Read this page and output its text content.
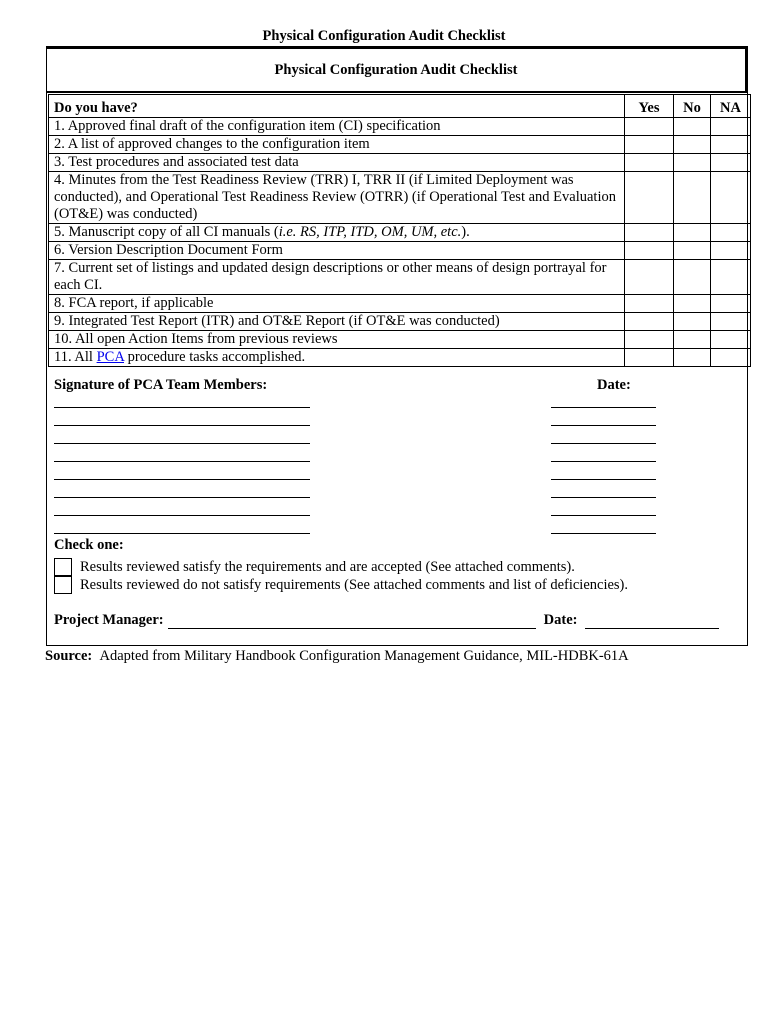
Physical Configuration Audit Checklist
Physical Configuration Audit Checklist
Do you have?	Yes	No	NA
1. Approved final draft of the configuration item (CI) specification			
2. A list of approved changes to the configuration item			
3. Test procedures and associated test data			
4. Minutes from the Test Readiness Review (TRR) I, TRR II (if Limited Deployment was conducted), and Operational Test Readiness Review (OTRR) (if Operational Test and Evaluation (OT&E) was conducted)			
5. Manuscript copy of all CI manuals (i.e. RS, ITP, ITD, OM, UM, etc.).			
6. Version Description Document Form			
7. Current set of listings and updated design descriptions or other means of design portrayal for each CI.			
8. FCA report, if applicable			
9. Integrated Test Report (ITR) and OT&E Report (if OT&E was conducted)			
10. All open Action Items from previous reviews			
11. All PCA procedure tasks accomplished.			
Signature of PCA Team Members:	Date:
Check one:
Results reviewed satisfy the requirements and are accepted (See attached comments).
Results reviewed do not satisfy requirements (See attached comments and list of deficiencies).
Project Manager:	Date:
Source: Adapted from Military Handbook Configuration Management Guidance, MIL-HDBK-61A
